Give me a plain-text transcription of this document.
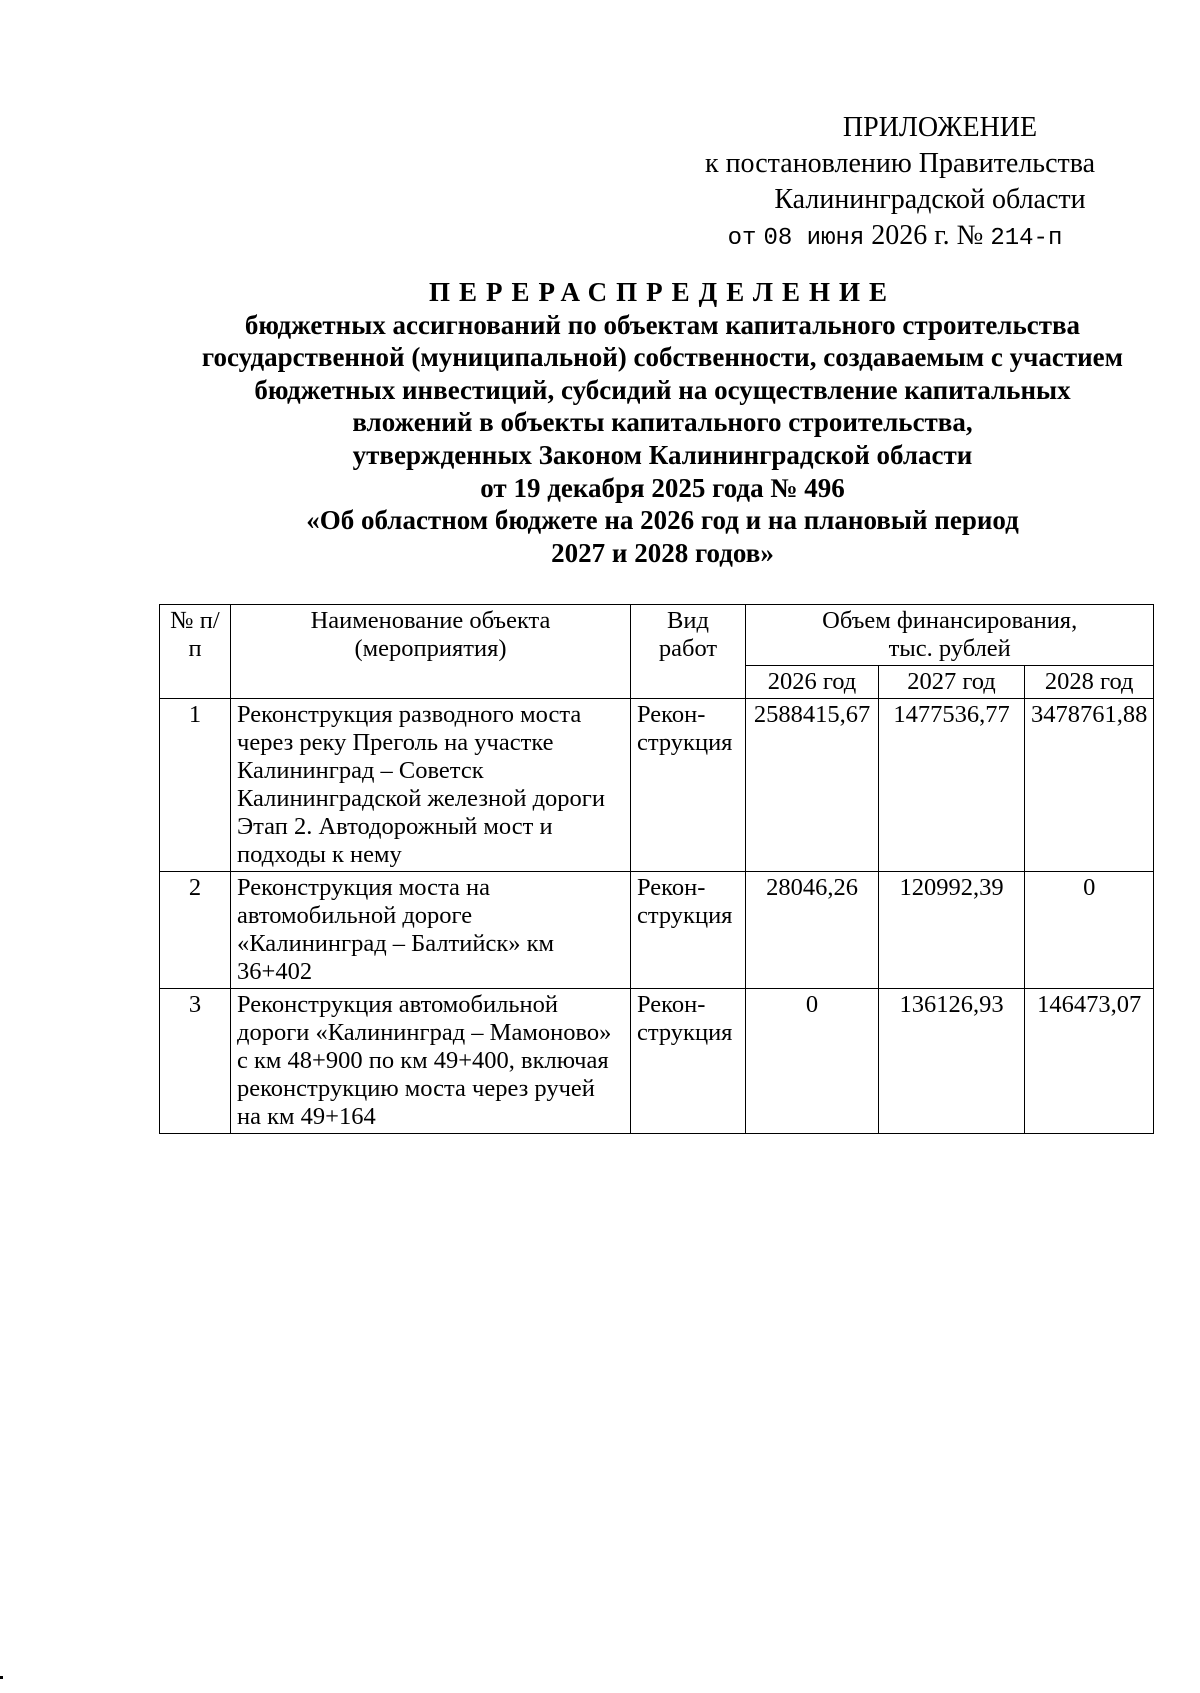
ПРИЛОЖЕНИЕ
к постановлению Правительства
Калининградской области
от 08 июня 2026 г. № 214-п
ПЕРЕРАСПРЕДЕЛЕНИЕ
бюджетных ассигнований по объектам капитального строительства
государственной (муниципальной) собственности, создаваемым с участием
бюджетных инвестиций, субсидий на осуществление капитальных
вложений в объекты капитального строительства,
утвержденных Законом Калининградской области
от 19 декабря 2025 года № 496
«Об областном бюджете на 2026 год и на плановый период
2027 и 2028 годов»
№ п/п	Наименование объекта (мероприятия)	Вид работ	Объем финансирования, тыс. рублей		
			2026 год	2027 год	2028 год
1	Реконструкция разводного моста через реку Преголь на участке Калининград – Советск Калининградской железной дороги Этап 2. Автодорожный мост и подходы к нему	Рекон-струкция	2588415,67	1477536,77	3478761,88
2	Реконструкция моста на автомобильной дороге «Калининград – Балтийск» км 36+402	Рекон-струкция	28046,26	120992,39	0
3	Реконструкция автомобильной дороги «Калининград – Мамоново» с км 48+900 по км 49+400, включая реконструкцию моста через ручей на км 49+164	Рекон-струкция	0	136126,93	146473,07
